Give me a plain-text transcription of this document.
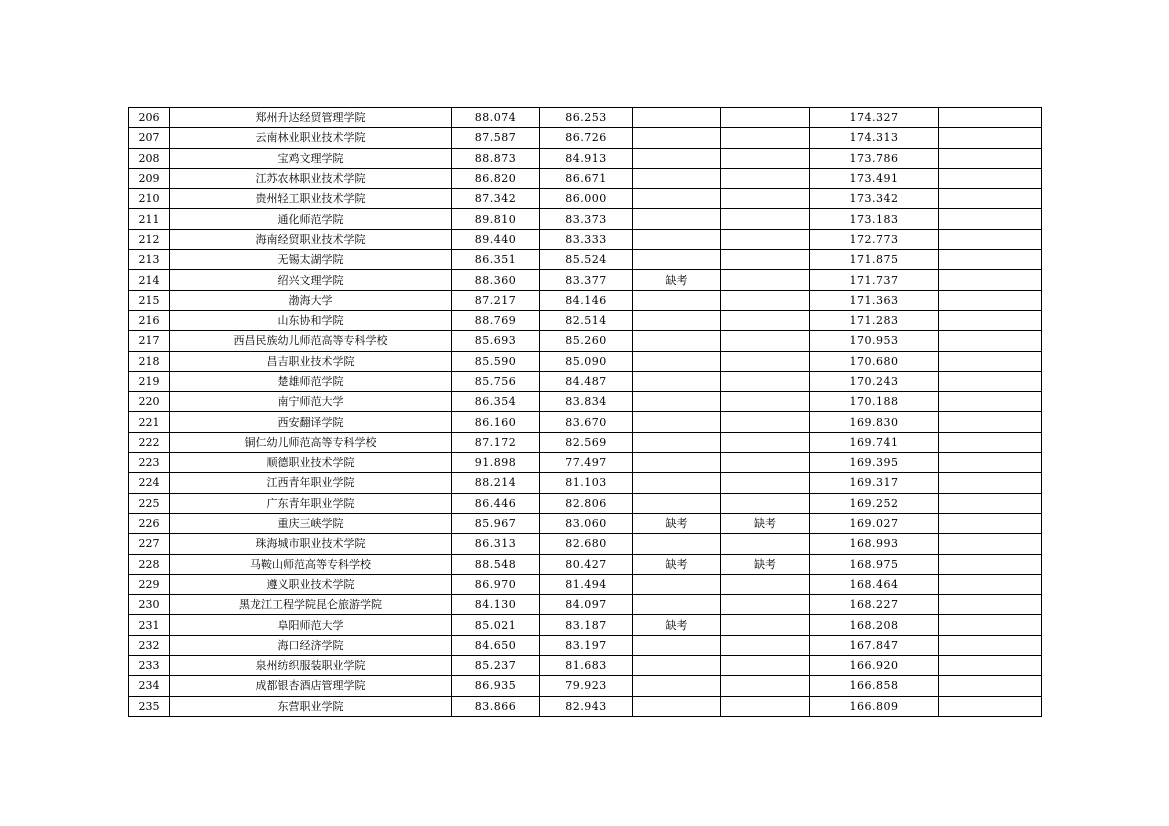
206	郑州升达经贸管理学院	88.074	86.253			174.327	
207	云南林业职业技术学院	87.587	86.726			174.313	
208	宝鸡文理学院	88.873	84.913			173.786	
209	江苏农林职业技术学院	86.820	86.671			173.491	
210	贵州轻工职业技术学院	87.342	86.000			173.342	
211	通化师范学院	89.810	83.373			173.183	
212	海南经贸职业技术学院	89.440	83.333			172.773	
213	无锡太湖学院	86.351	85.524			171.875	
214	绍兴文理学院	88.360	83.377	缺考		171.737	
215	渤海大学	87.217	84.146			171.363	
216	山东协和学院	88.769	82.514			171.283	
217	西昌民族幼儿师范高等专科学校	85.693	85.260			170.953	
218	昌吉职业技术学院	85.590	85.090			170.680	
219	楚雄师范学院	85.756	84.487			170.243	
220	南宁师范大学	86.354	83.834			170.188	
221	西安翻译学院	86.160	83.670			169.830	
222	铜仁幼儿师范高等专科学校	87.172	82.569			169.741	
223	顺德职业技术学院	91.898	77.497			169.395	
224	江西青年职业学院	88.214	81.103			169.317	
225	广东青年职业学院	86.446	82.806			169.252	
226	重庆三峡学院	85.967	83.060	缺考	缺考	169.027	
227	珠海城市职业技术学院	86.313	82.680			168.993	
228	马鞍山师范高等专科学校	88.548	80.427	缺考	缺考	168.975	
229	遵义职业技术学院	86.970	81.494			168.464	
230	黑龙江工程学院昆仑旅游学院	84.130	84.097			168.227	
231	阜阳师范大学	85.021	83.187	缺考		168.208	
232	海口经济学院	84.650	83.197			167.847	
233	泉州纺织服装职业学院	85.237	81.683			166.920	
234	成都银杏酒店管理学院	86.935	79.923			166.858	
235	东营职业学院	83.866	82.943			166.809	
